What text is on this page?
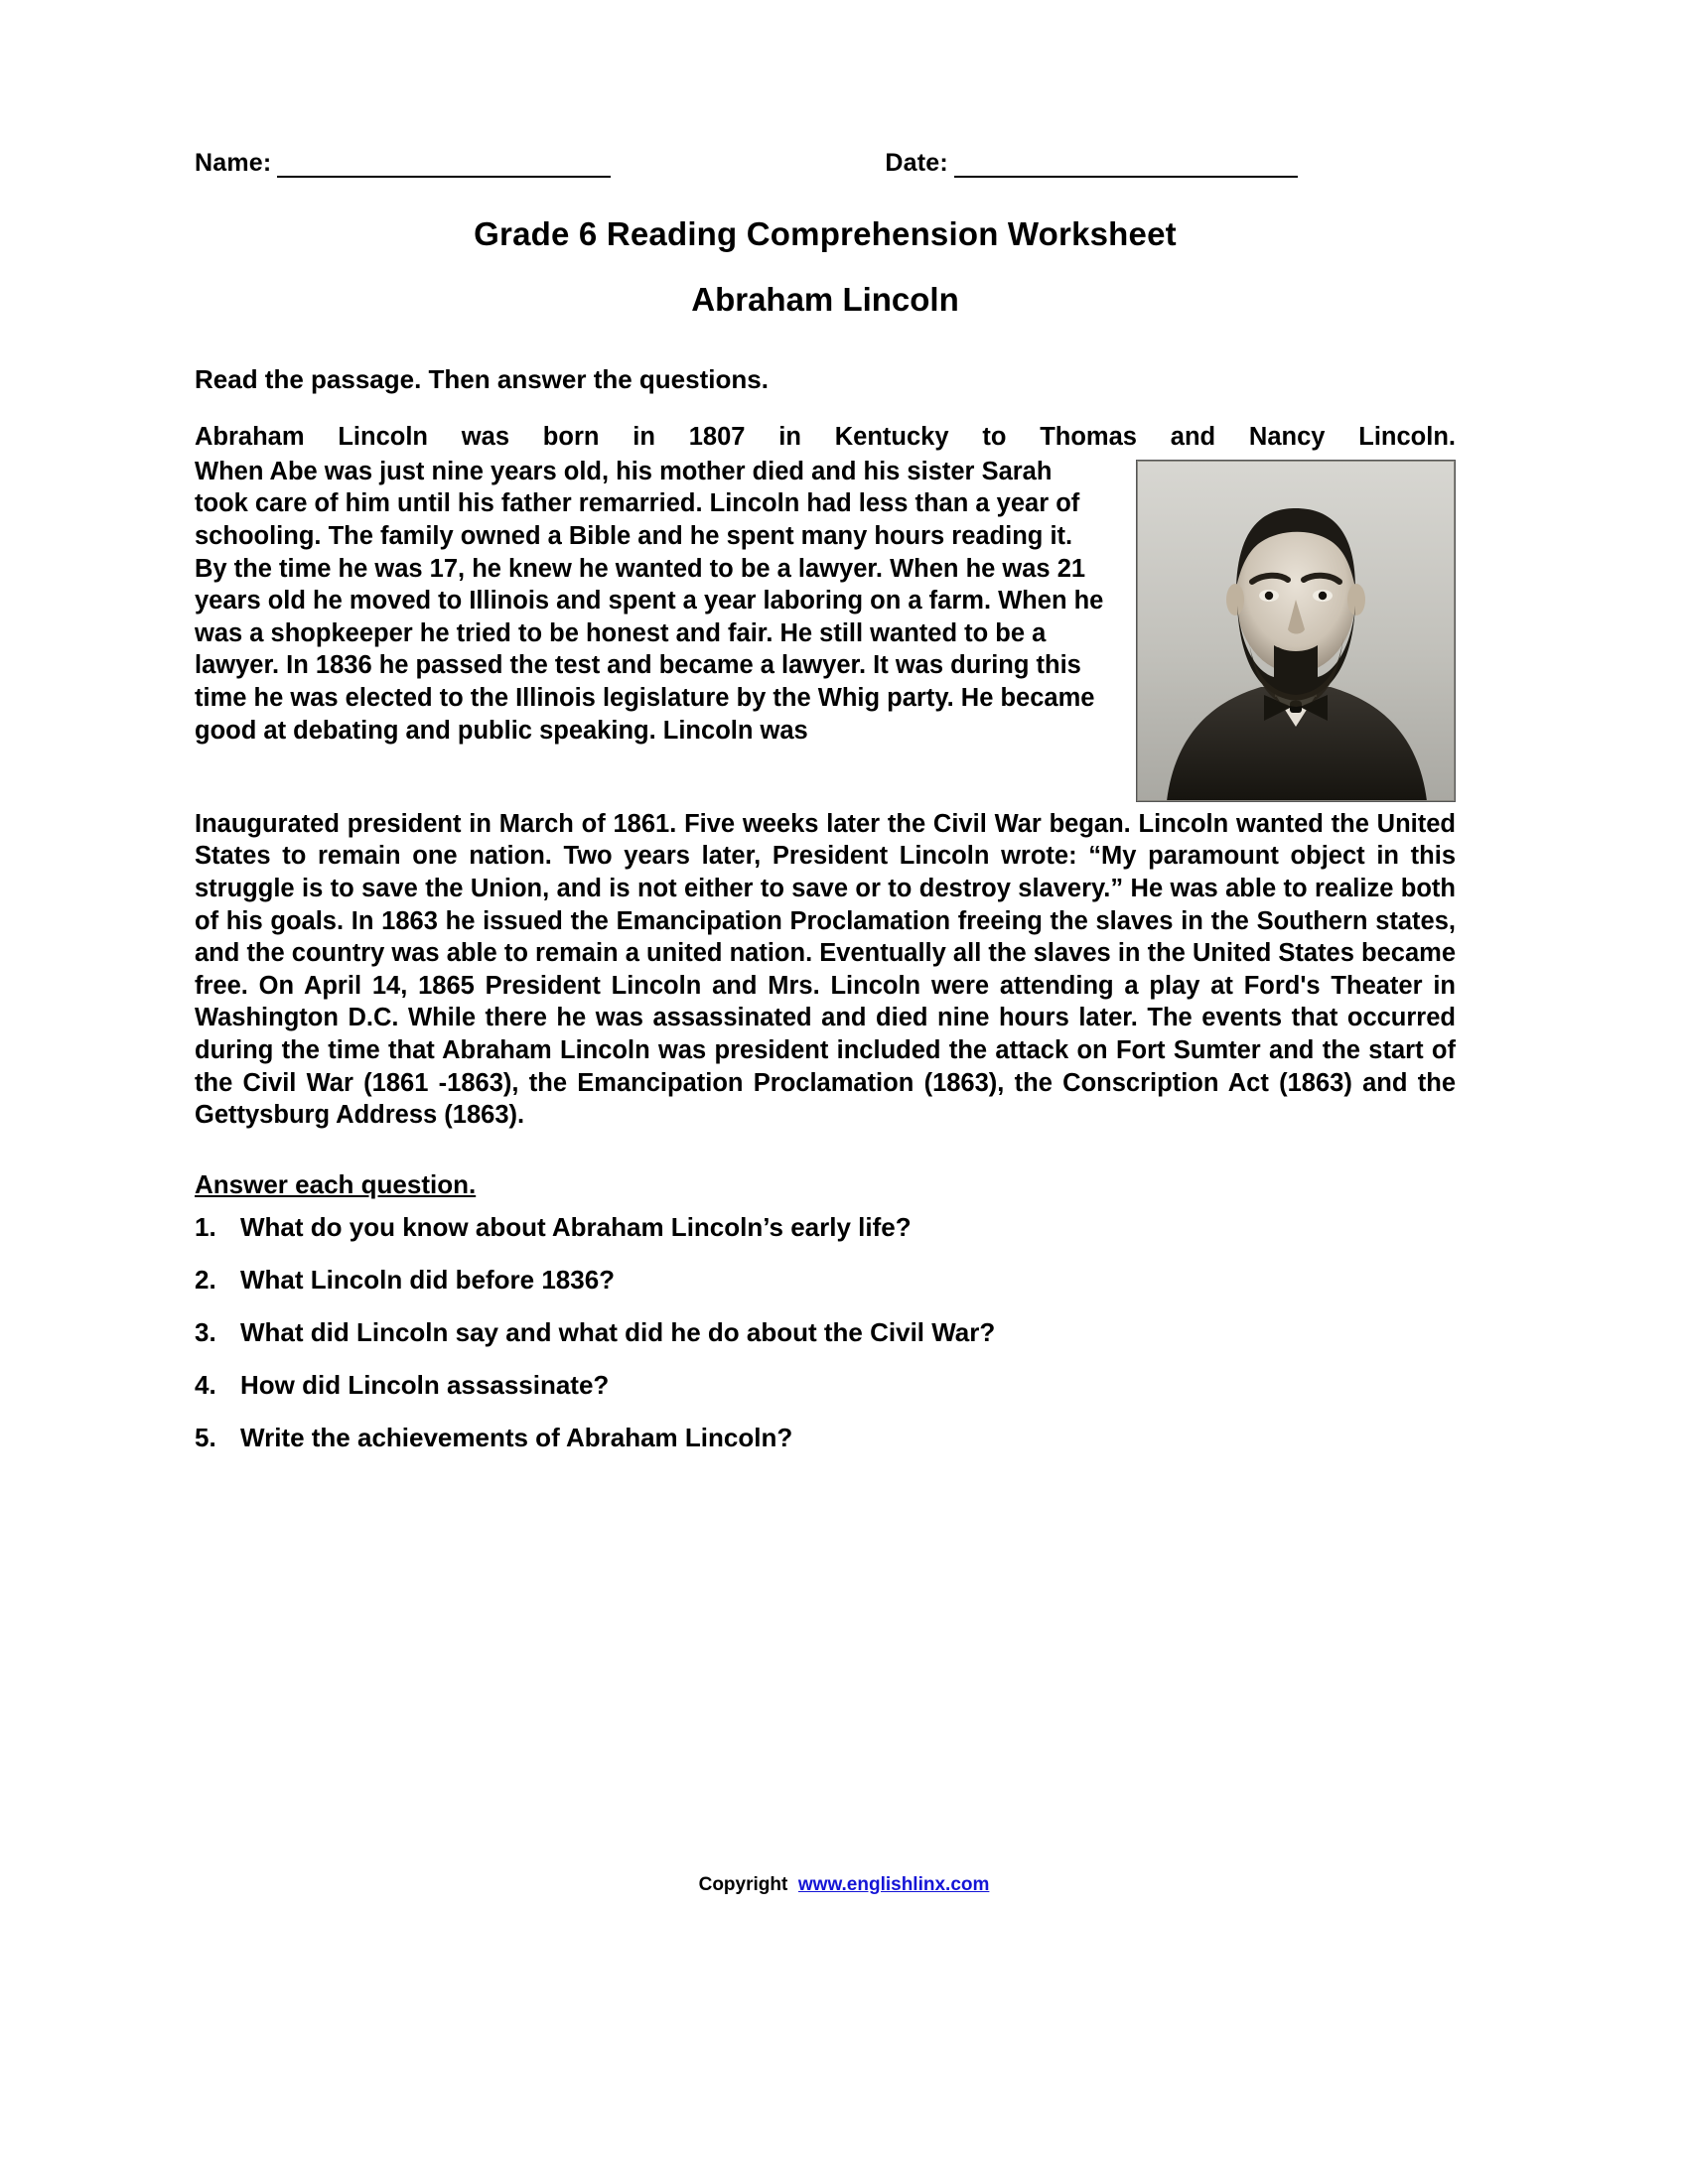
Name:	Date:
Grade 6 Reading Comprehension Worksheet
Abraham Lincoln

Read the passage. Then answer the questions.

Abraham Lincoln was born in 1807 in Kentucky to Thomas and Nancy Lincoln.

When Abe was just nine years old, his mother died and his sister Sarah took care of him until his father remarried. Lincoln had less than a year of schooling. The family owned a Bible and he spent many hours reading it. By the time he was 17, he knew he wanted to be a lawyer. When he was 21 years old he moved to Illinois and spent a year laboring on a farm. When he was a shopkeeper he tried to be honest and fair. He still wanted to be a lawyer. In 1836 he passed the test and became a lawyer. It was during this time he was elected to the Illinois legislature by the Whig party. He became good at debating and public speaking. Lincoln was

Inaugurated president in March of 1861. Five weeks later the Civil War began. Lincoln wanted the United States to remain one nation. Two years later, President Lincoln wrote: “My paramount object in this struggle is to save the Union, and is not either to save or to destroy slavery.” He was able to realize both of his goals. In 1863 he issued the Emancipation Proclamation freeing the slaves in the Southern states, and the country was able to remain a united nation. Eventually all the slaves in the United States became free. On April 14, 1865 President Lincoln and Mrs. Lincoln were attending a play at Ford's Theater in Washington D.C. While there he was assassinated and died nine hours later. The events that occurred during the time that Abraham Lincoln was president included the attack on Fort Sumter and the start of the Civil War (1861 -1863), the Emancipation Proclamation (1863), the Conscription Act (1863) and the Gettysburg Address (1863).

Answer each question.

1. What do you know about Abraham Lincoln’s early life?
2. What Lincoln did before 1836?
3. What did Lincoln say and what did he do about the Civil War?
4. How did Lincoln assassinate?
5. Write the achievements of Abraham Lincoln?
Copyright www.englishlinx.com
